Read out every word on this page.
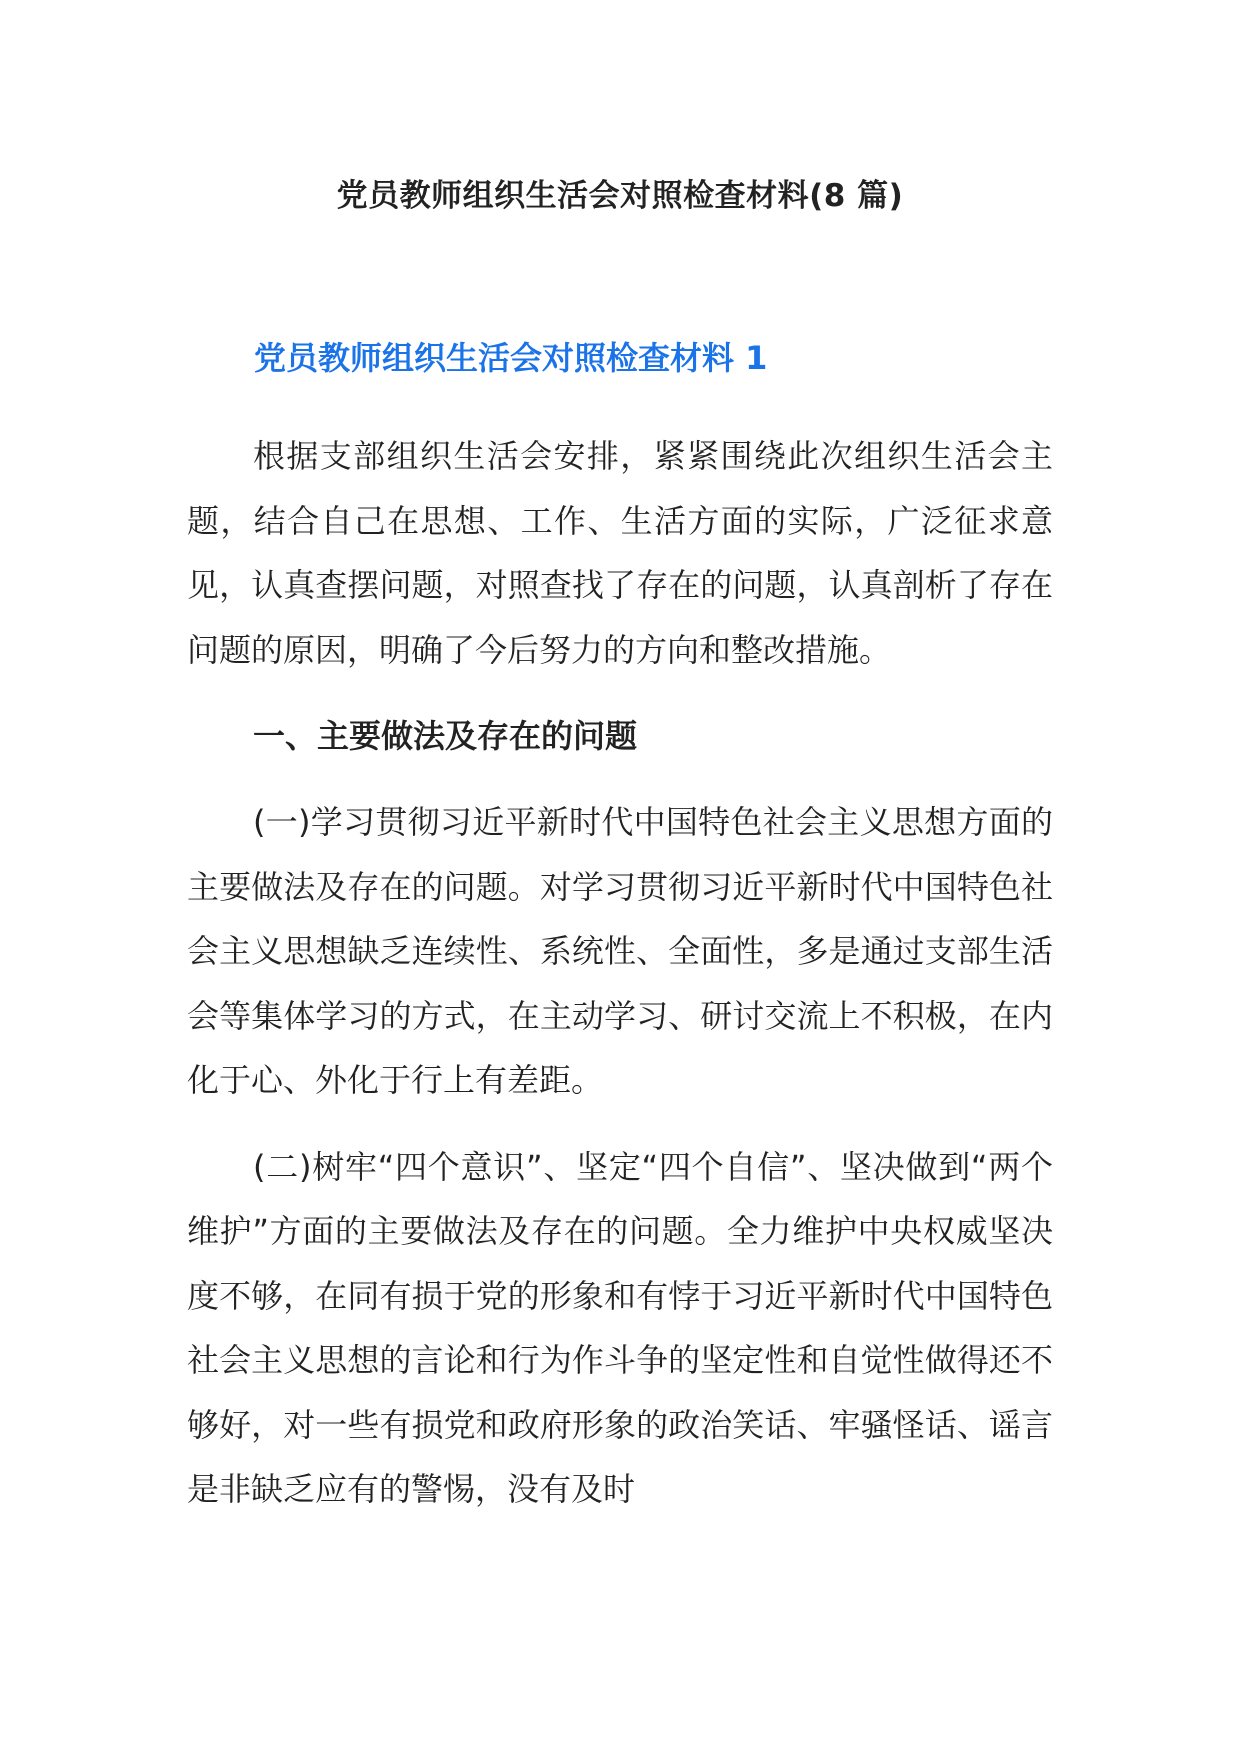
党员教师组织生活会对照检查材料(8 篇)
党员教师组织生活会对照检查材料 1

根据支部组织生活会安排，紧紧围绕此次组织生活会主题，结合自己在思想、工作、生活方面的实际，广泛征求意见，认真查摆问题，对照查找了存在的问题，认真剖析了存在问题的原因，明确了今后努力的方向和整改措施。

一、主要做法及存在的问题

(一)学习贯彻习近平新时代中国特色社会主义思想方面的主要做法及存在的问题。对学习贯彻习近平新时代中国特色社会主义思想缺乏连续性、系统性、全面性，多是通过支部生活会等集体学习的方式，在主动学习、研讨交流上不积极，在内化于心、外化于行上有差距。

(二)树牢“四个意识”、坚定“四个自信”、坚决做到“两个维护”方面的主要做法及存在的问题。全力维护中央权威坚决度不够，在同有损于党的形象和有悖于习近平新时代中国特色社会主义思想的言论和行为作斗争的坚定性和自觉性做得还不够好，对一些有损党和政府形象的政治笑话、牢骚怪话、谣言是非缺乏应有的警惕，没有及时
